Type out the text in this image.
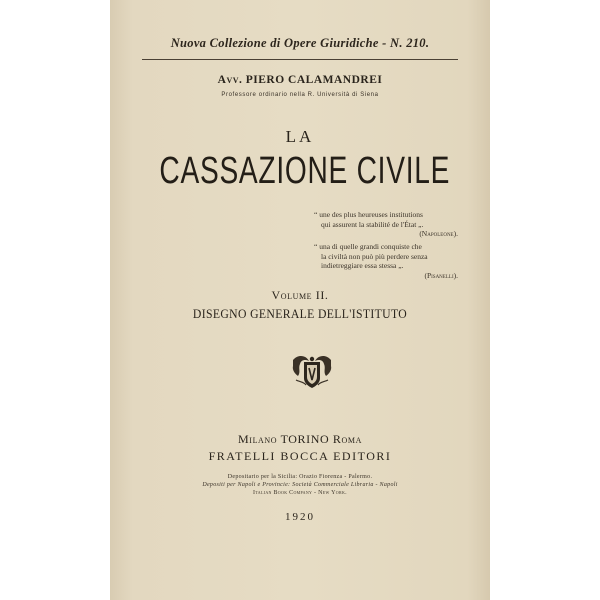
Nuova Collezione di Opere Giuridiche - N. 210.
Avv. PIERO CALAMANDREI
Professore ordinario nella R. Università di Siena
LA
CASSAZIONE CIVILE
“ une des plus heureuses institutions
qui assurent la stabilité de l'État „.
(Napoleone).
“ una di quelle grandi conquiste che
la civiltà non può più perdere senza
indietreggiare essa stessa „.
(Pisanelli).
Volume II.
DISEGNO GENERALE DELL'ISTITUTO
Milano TORINO Roma
FRATELLI BOCCA EDITORI
Depositario per la Sicilia: Orazio Fiorenza - Palermo.
Depositi per Napoli e Provincie: Società Commerciale Libraria - Napoli
Italian Book Company - New York.
1920
